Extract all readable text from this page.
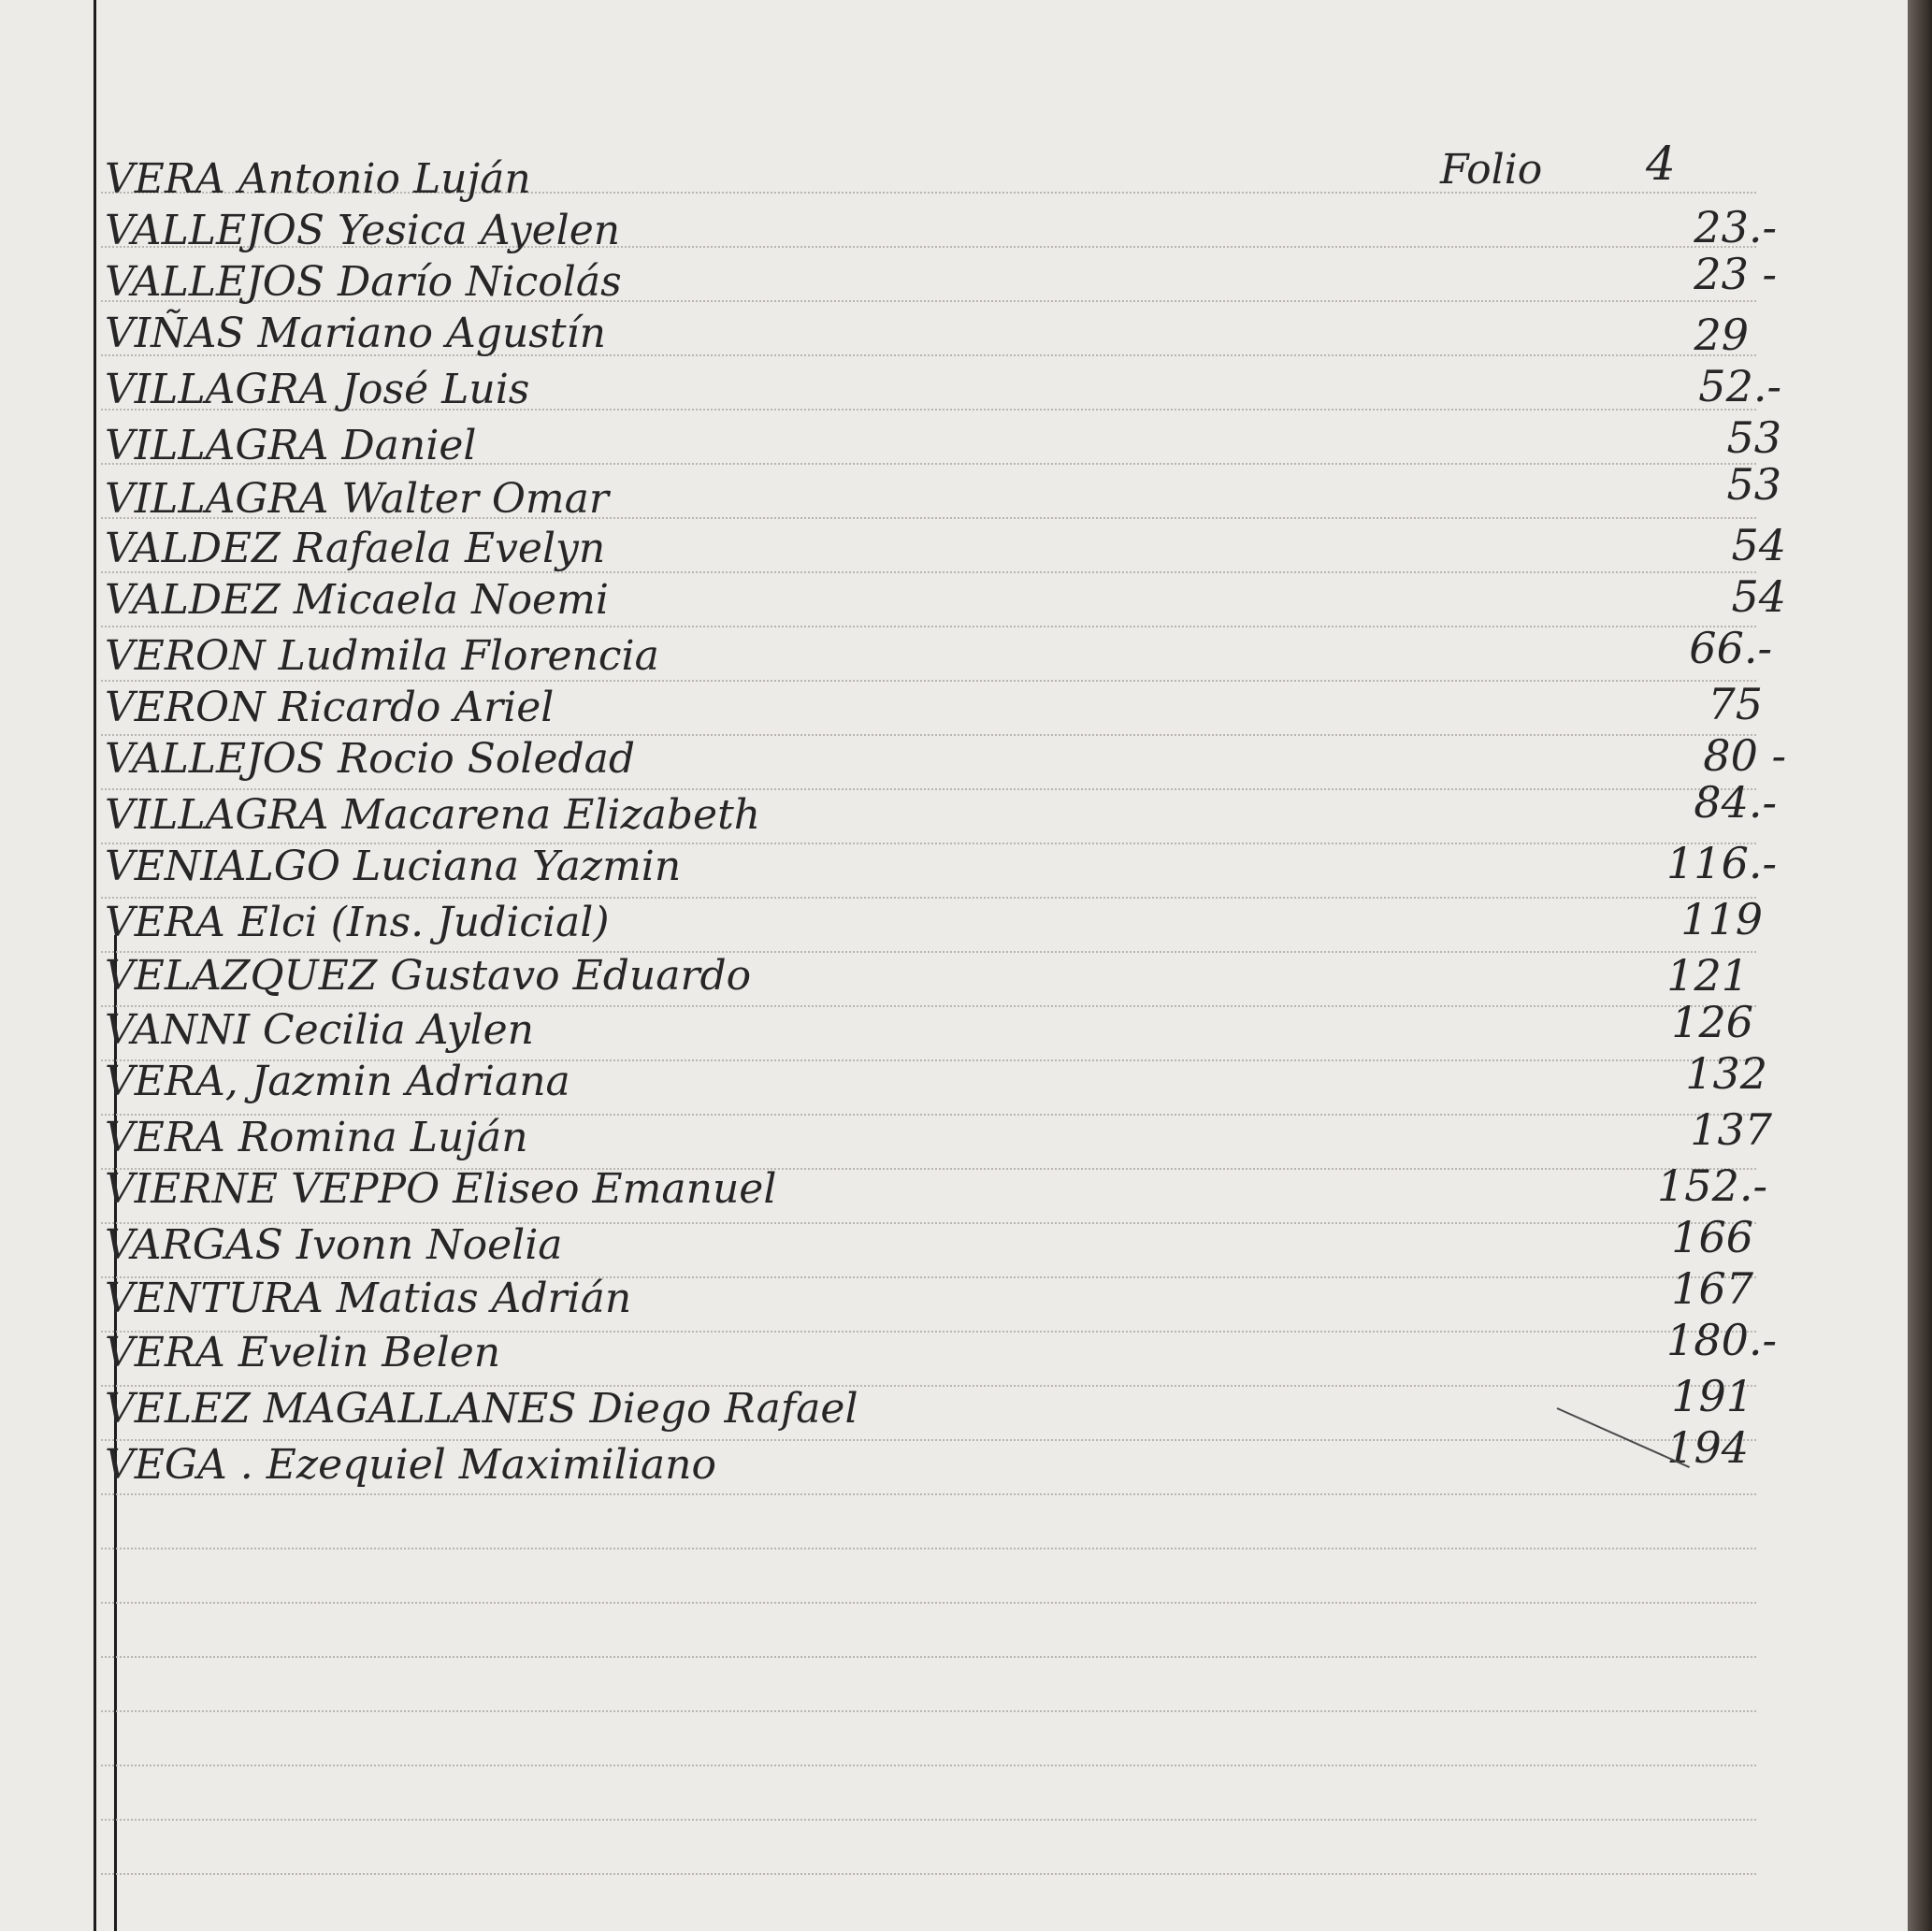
Folio 4
VERA Antonio Luján
VALLEJOS Yesica Ayelen	23.-
VALLEJOS Darío Nicolás	23 -
VIÑAS Mariano Agustín	29
VILLAGRA José Luis	52.-
VILLAGRA Daniel	53
VILLAGRA Walter Omar	53
VALDEZ Rafaela Evelyn	54
VALDEZ Micaela Noemi	54
VERON Ludmila Florencia	66.-
VERON Ricardo Ariel	75
VALLEJOS Rocio Soledad	80 -
VILLAGRA Macarena Elizabeth	84.-
VENIALGO Luciana Yazmin	116.-
VERA Elci (Ins. Judicial)	119
VELAZQUEZ Gustavo Eduardo	121
VANNI Cecilia Aylen	126
VERA, Jazmin Adriana	132
VERA Romina Luján	137
VIERNE VEPPO Eliseo Emanuel	152.-
VARGAS Ivonn Noelia	166
VENTURA Matias Adrián	167
VERA Evelin Belen	180.-
VELEZ MAGALLANES Diego Rafael	191
VEGA . Ezequiel Maximiliano	194
